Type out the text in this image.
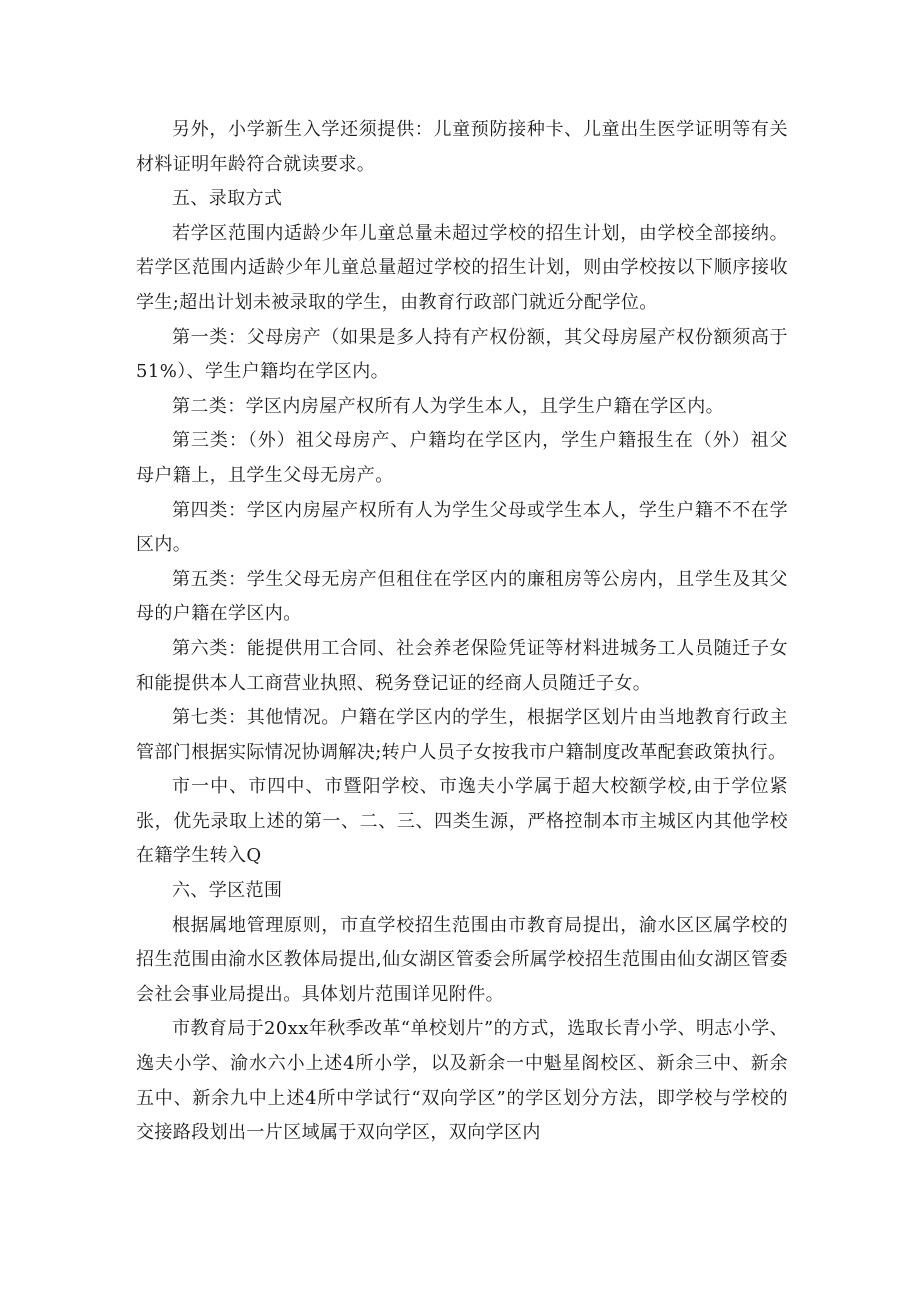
另外，小学新生入学还须提供：儿童预防接种卡、儿童出生医学证明等有关材料证明年龄符合就读要求。

五、录取方式

若学区范围内适龄少年儿童总量未超过学校的招生计划，由学校全部接纳。若学区范围内适龄少年儿童总量超过学校的招生计划，则由学校按以下顺序接收学生;超出计划未被录取的学生，由教育行政部门就近分配学位。

第一类：父母房产（如果是多人持有产权份额，其父母房屋产权份额须高于51%）、学生户籍均在学区内。

第二类：学区内房屋产权所有人为学生本人，且学生户籍在学区内。

第三类：（外）祖父母房产、户籍均在学区内，学生户籍报生在（外）祖父母户籍上，且学生父母无房产。

第四类：学区内房屋产权所有人为学生父母或学生本人，学生户籍不不在学区内。

第五类：学生父母无房产但租住在学区内的廉租房等公房内，且学生及其父母的户籍在学区内。

第六类：能提供用工合同、社会养老保险凭证等材料进城务工人员随迁子女和能提供本人工商营业执照、税务登记证的经商人员随迁子女。

第七类：其他情况。户籍在学区内的学生，根据学区划片由当地教育行政主管部门根据实际情况协调解决;转户人员子女按我市户籍制度改革配套政策执行。

市一中、市四中、市暨阳学校、市逸夫小学属于超大校额学校,由于学位紧张，优先录取上述的第一、二、三、四类生源，严格控制本市主城区内其他学校在籍学生转入Q

六、学区范围

根据属地管理原则，市直学校招生范围由市教育局提出，渝水区区属学校的招生范围由渝水区教体局提出,仙女湖区管委会所属学校招生范围由仙女湖区管委会社会事业局提出。具体划片范围详见附件。

市教育局于20xx年秋季改革“单校划片”的方式，选取长青小学、明志小学、逸夫小学、渝水六小上述4所小学，以及新余一中魁星阁校区、新余三中、新余五中、新余九中上述4所中学试行“双向学区”的学区划分方法，即学校与学校的交接路段划出一片区域属于双向学区，双向学区内
